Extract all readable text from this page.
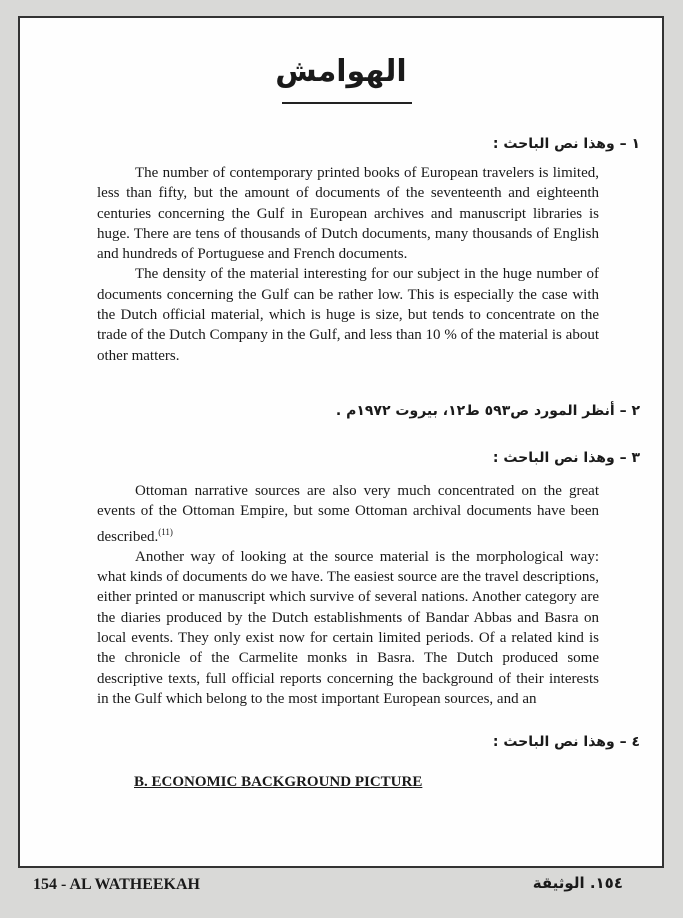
الهوامش
١ – وهذا نص الباحث :

The number of contemporary printed books of European travelers is limited, less than fifty, but the amount of documents of the seventeenth and eighteenth centuries concerning the Gulf in European archives and manuscript libraries is huge. There are tens of thousands of Dutch documents, many thousands of English and hundreds of Portuguese and French documents.

The density of the material interesting for our subject in the huge number of documents concerning the Gulf can be rather low. This is especially the case with the Dutch official material, which is huge is size, but tends to concentrate on the trade of the Dutch Company in the Gulf, and less than 10 % of the material is about other matters.

٢ – أنظر المورد ص٥٩٣ ط١٢، بيروت ١٩٧٢م .
٣ – وهذا نص الباحث :

Ottoman narrative sources are also very much concentrated on the great events of the Ottoman Empire, but some Ottoman archival documents have been described.$^{(11)}$

Another way of looking at the source material is the morphological way: what kinds of documents do we have. The easiest source are the travel descriptions, either printed or manuscript which survive of several nations. Another category are the diaries produced by the Dutch establishments of Bandar Abbas and Basra on local events. They only exist now for certain limited periods. Of a related kind is the chronicle of the Carmelite monks in Basra. The Dutch produced some descriptive texts, full official reports concerning the background of their interests in the Gulf which belong to the most important European sources, and an

٤ – وهذا نص الباحث :
B. ECONOMIC BACKGROUND PICTURE
154 - AL WATHEEKAH	١٥٤. الوثيقة
